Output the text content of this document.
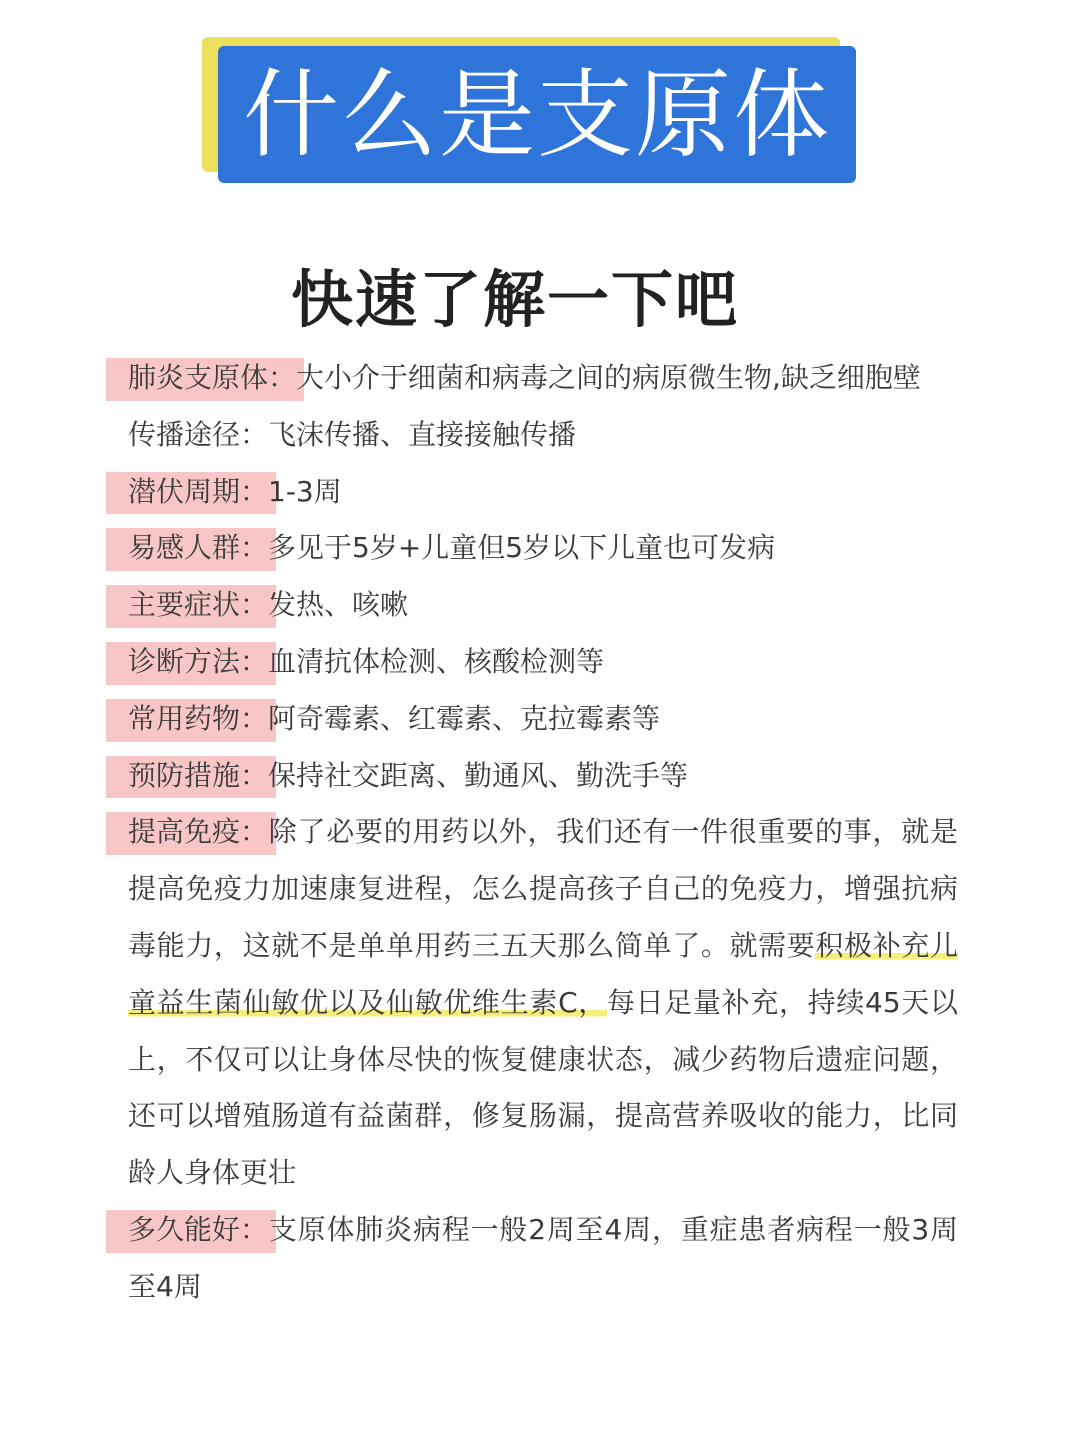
什么是支原体
快速了解一下吧
肺炎支原体：大小介于细菌和病毒之间的病原微生物,缺乏细胞壁
传播途径：飞沫传播、直接接触传播
潜伏周期：1-3周
易感人群：多见于5岁+儿童但5岁以下儿童也可发病
主要症状：发热、咳嗽
诊断方法：血清抗体检测、核酸检测等
常用药物：阿奇霉素、红霉素、克拉霉素等
预防措施：保持社交距离、勤通风、勤洗手等
提高免疫：除了必要的用药以外，我们还有一件很重要的事，就是提高免疫力加速康复进程，怎么提高孩子自己的免疫力，增强抗病毒能力，这就不是单单用药三五天那么简单了。就需要积极补充儿童益生菌仙敏优以及仙敏优维生素C，每日足量补充，持续45天以上，不仅可以让身体尽快的恢复健康状态，减少药物后遗症问题，还可以增殖肠道有益菌群，修复肠漏，提高营养吸收的能力，比同龄人身体更壮
多久能好：支原体肺炎病程一般2周至4周，重症患者病程一般3周至4周
